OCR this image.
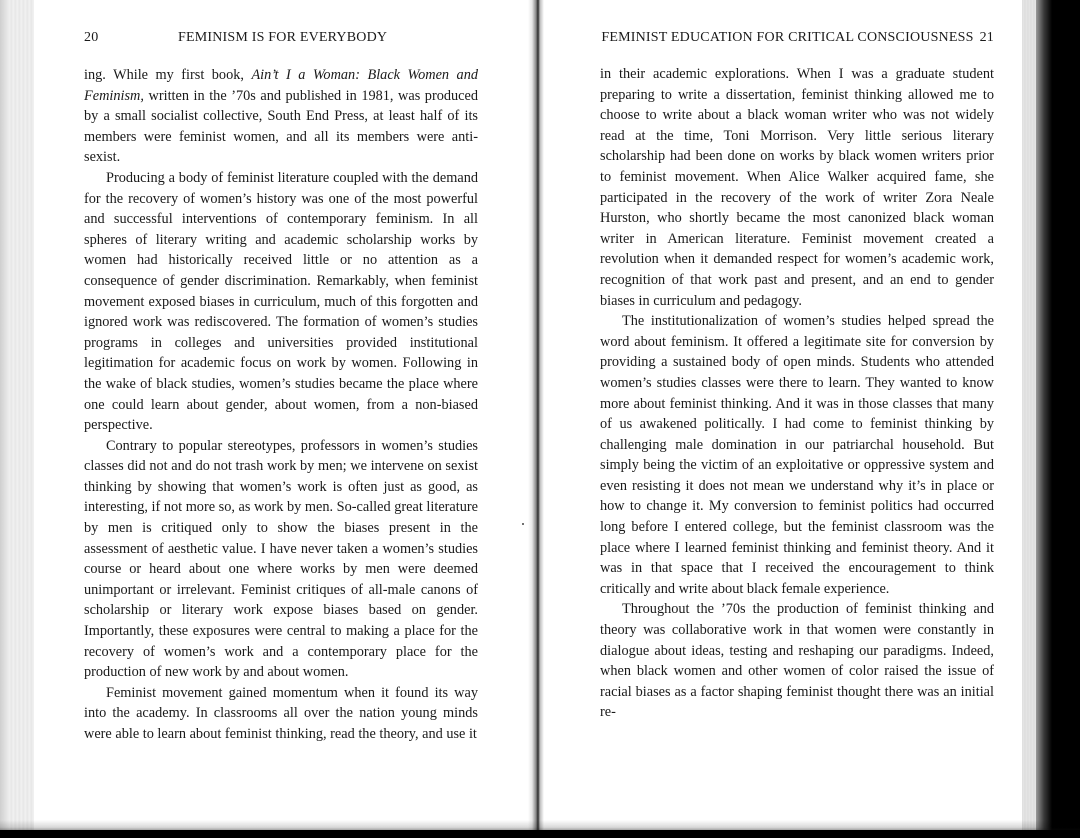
20	FEMINISM IS FOR EVERYBODY

ing. While my first book, Ain’t I a Woman: Black Women and Feminism, written in the ’70s and published in 1981, was produced by a small socialist collective, South End Press, at least half of its members were feminist women, and all its members were anti-sexist.

Producing a body of feminist literature coupled with the demand for the recovery of women’s history was one of the most powerful and successful interventions of contemporary feminism. In all spheres of literary writing and academic scholarship works by women had historically received little or no attention as a consequence of gender discrimination. Remarkably, when feminist movement exposed biases in curriculum, much of this forgotten and ignored work was rediscovered. The formation of women’s studies programs in colleges and universities provided institutional legitimation for academic focus on work by women. Following in the wake of black studies, women’s studies became the place where one could learn about gender, about women, from a non-biased perspective.

Contrary to popular stereotypes, professors in women’s studies classes did not and do not trash work by men; we intervene on sexist thinking by showing that women’s work is often just as good, as interesting, if not more so, as work by men. So-called great literature by men is critiqued only to show the biases present in the assessment of aesthetic value. I have never taken a women’s studies course or heard about one where works by men were deemed unimportant or irrelevant. Feminist critiques of all-male canons of scholarship or literary work expose biases based on gender. Importantly, these exposures were central to making a place for the recovery of women’s work and a contemporary place for the production of new work by and about women.

Feminist movement gained momentum when it found its way into the academy. In classrooms all over the nation young minds were able to learn about feminist thinking, read the theory, and use it

FEMINIST EDUCATION FOR CRITICAL CONSCIOUSNESS 21

in their academic explorations. When I was a graduate student preparing to write a dissertation, feminist thinking allowed me to choose to write about a black woman writer who was not widely read at the time, Toni Morrison. Very little serious literary scholarship had been done on works by black women writers prior to feminist movement. When Alice Walker acquired fame, she participated in the recovery of the work of writer Zora Neale Hurston, who shortly became the most canonized black woman writer in American literature. Feminist movement created a revolution when it demanded respect for women’s academic work, recognition of that work past and present, and an end to gender biases in curriculum and pedagogy.

The institutionalization of women’s studies helped spread the word about feminism. It offered a legitimate site for conversion by providing a sustained body of open minds. Students who attended women’s studies classes were there to learn. They wanted to know more about feminist thinking. And it was in those classes that many of us awakened politically. I had come to feminist thinking by challenging male domination in our patriarchal household. But simply being the victim of an exploitative or oppressive system and even resisting it does not mean we understand why it’s in place or how to change it. My conversion to feminist politics had occurred long before I entered college, but the feminist classroom was the place where I learned feminist thinking and feminist theory. And it was in that space that I received the encouragement to think critically and write about black female experience.

Throughout the ’70s the production of feminist thinking and theory was collaborative work in that women were constantly in dialogue about ideas, testing and reshaping our paradigms. Indeed, when black women and other women of color raised the issue of racial biases as a factor shaping feminist thought there was an initial re-
